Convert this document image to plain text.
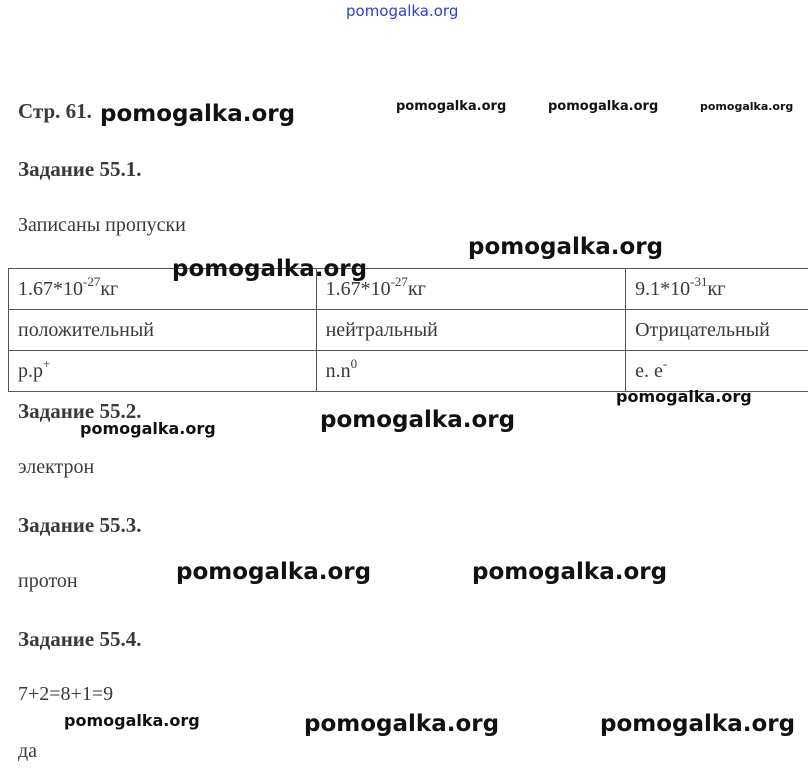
pomogalka.org
Стр. 61.
Задание 55.1.
Записаны пропуски
$1.67*10^{-27}кг$	$1.67*10^{-27}кг$	$9.1*10^{-31}кг$
положительный	нейтральный	Отрицательный
p.p+	$n.n^0$	e. e-
Задание 55.2.
электрон
Задание 55.3.
протон
Задание 55.4.
7+2=8+1=9
да
pomogalka.org	pomogalka.org	pomogalka.org	pomogalka.org
pomogalka.org
pomogalka.org
pomogalka.org
pomogalka.org
pomogalka.org
pomogalka.org	pomogalka.org
pomogalka.org	pomogalka.org	pomogalka.org
